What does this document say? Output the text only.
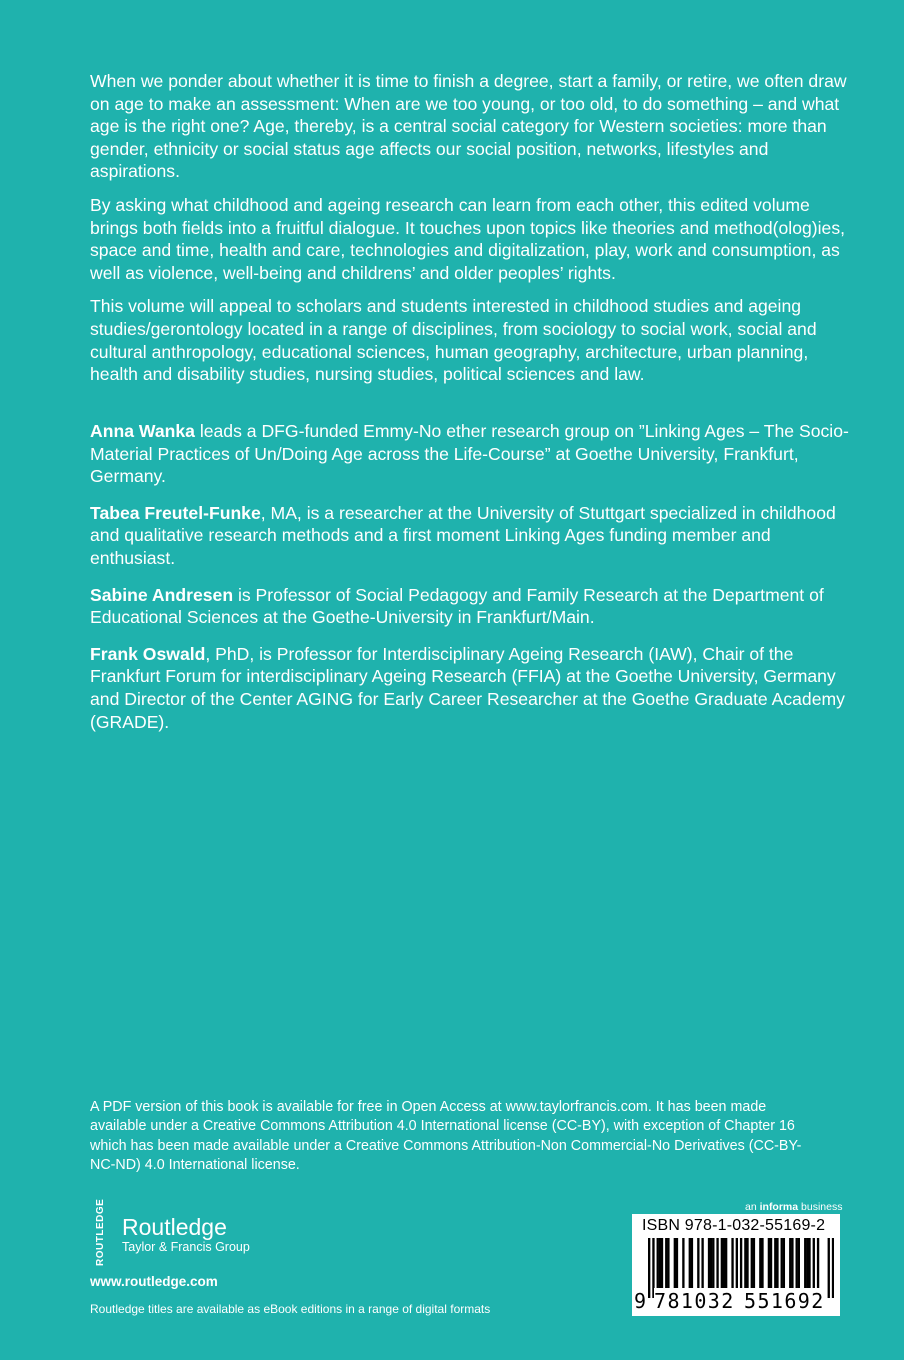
When we ponder about whether it is time to finish a degree, start a family, or retire, we often draw on age to make an assessment: When are we too young, or too old, to do something – and what age is the right one? Age, thereby, is a central social category for Western societies: more than gender, ethnicity or social status age affects our social position, networks, lifestyles and aspirations.

By asking what childhood and ageing research can learn from each other, this edited volume brings both fields into a fruitful dialogue. It touches upon topics like theories and method(olog)ies, space and time, health and care, technologies and digitalization, play, work and consumption, as well as violence, well-being and childrens’ and older peoples’ rights.

This volume will appeal to scholars and students interested in childhood studies and ageing studies/gerontology located in a range of disciplines, from sociology to social work, social and cultural anthropology, educational sciences, human geography, architecture, urban planning, health and disability studies, nursing studies, political sciences and law.

Anna Wanka leads a DFG-funded Emmy-No ether research group on ”Linking Ages – The Socio-Material Practices of Un/Doing Age across the Life-Course” at Goethe University, Frankfurt, Germany.

Tabea Freutel-Funke, MA, is a researcher at the University of Stuttgart specialized in childhood and qualitative research methods and a first moment Linking Ages funding member and enthusiast.

Sabine Andresen is Professor of Social Pedagogy and Family Research at the Department of Educational Sciences at the Goethe-University in Frankfurt/Main.

Frank Oswald, PhD, is Professor for Interdisciplinary Ageing Research (IAW), Chair of the Frankfurt Forum for interdisciplinary Ageing Research (FFIA) at the Goethe University, Germany and Director of the Center AGING for Early Career Researcher at the Goethe Graduate Academy (GRADE).

A PDF version of this book is available for free in Open Access at www.taylorfrancis.com. It has been made available under a Creative Commons Attribution 4.0 International license (CC-BY), with exception of Chapter 16 which has been made available under a Creative Commons Attribution-Non Commercial-No Derivatives (CC-BY-NC-ND) 4.0 International license.
an informa business
ROUTLEDGE Routledge
Taylor & Francis Group
www.routledge.com
Routledge titles are available as eBook editions in a range of digital formats
ISBN 978-1-032-55169-2
9 781032 551692
